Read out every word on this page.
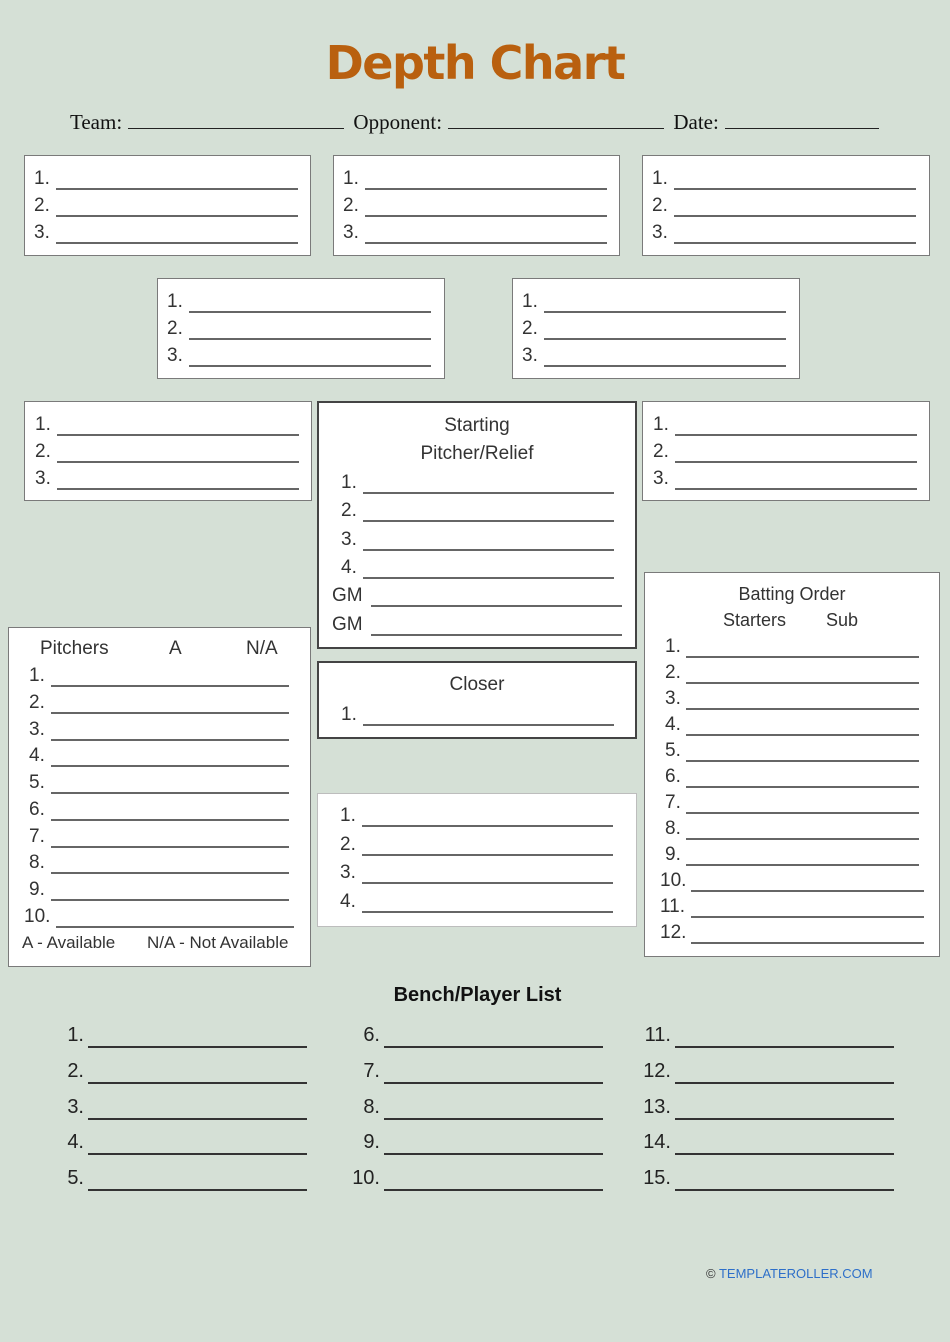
Depth Chart
Team:	Opponent:	Date:
1.
2.
3.
1.
2.
3.
1.
2.
3.
1.
2.
3.
1.
2.
3.
1.
2.
3.
1.
2.
3.
Starting
Pitcher/Relief
1.
2.
3.
4.
GM
GM
Closer
1.
1.
2.
3.
4.
Pitchers	A	N/A
1.
2.
3.
4.
5.
6.
7.
8.
9.
10.
A - Available N/A - Not Available
Batting Order
Starters Sub
1.
2.
3.
4.
5.
6.
7.
8.
9.
10.
11.
12.
Bench/Player List
1.
2.
3.
4.
5.
6.
7.
8.
9.
10.
11.
12.
13.
14.
15.
© TEMPLATEROLLER.COM
